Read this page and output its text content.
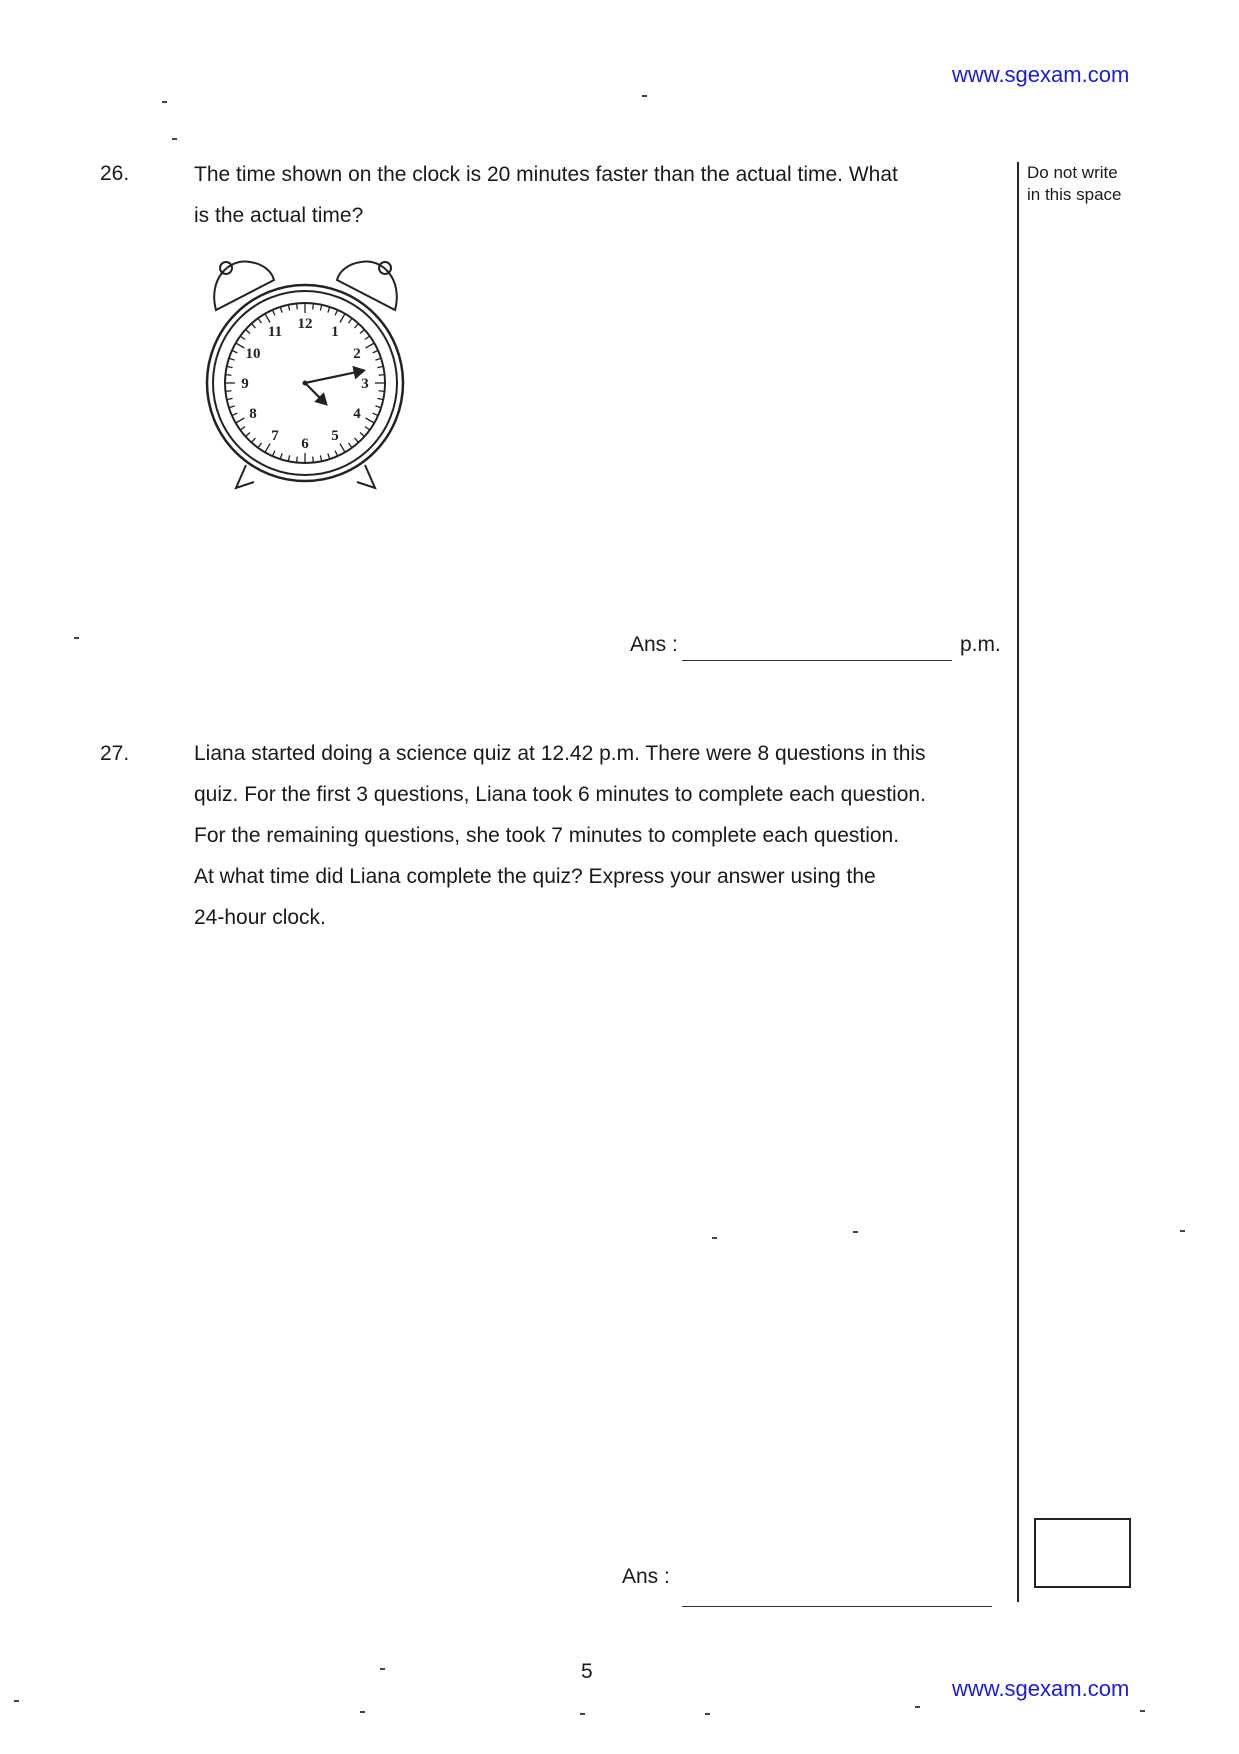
www.sgexam.com
Do not write
in this space
26.	The time shown on the clock is 20 minutes faster than the actual time. What
is the actual time?
12
1
2
3
4
5
6
7
8
9
10
11
Ans :	p.m.
27.	Liana started doing a science quiz at 12.42 p.m. There were 8 questions in this
quiz. For the first 3 questions, Liana took 6 minutes to complete each question.
For the remaining questions, she took 7 minutes to complete each question.
At what time did Liana complete the quiz? Express your answer using the
24-hour clock.
Ans :
5
www.sgexam.com
